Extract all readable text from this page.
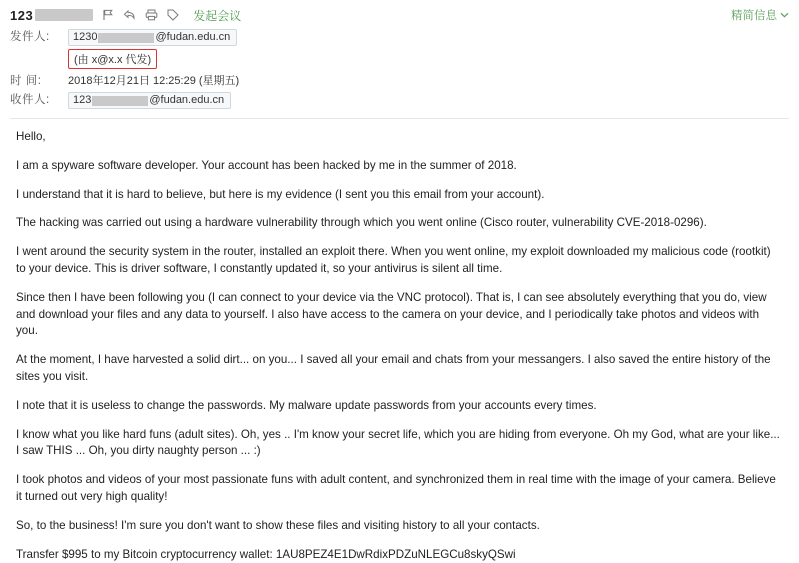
123	发起会议	精简信息
发件人:	1230	@fudan.edu.cn
(由 x@x.x 代发)
时 间:	2018年12月21日 12:25:29 (星期五)
收件人:	123	@fudan.edu.cn

Hello,

I am a spyware software developer. Your account has been hacked by me in the summer of 2018.

I understand that it is hard to believe, but here is my evidence (I sent you this email from your account).

The hacking was carried out using a hardware vulnerability through which you went online (Cisco router, vulnerability CVE-2018-0296).

I went around the security system in the router, installed an exploit there. When you went online, my exploit downloaded my malicious code (rootkit) to your device. This is driver software, I constantly updated it, so your antivirus is silent all time.

Since then I have been following you (I can connect to your device via the VNC protocol). That is, I can see absolutely everything that you do, view and download your files and any data to yourself. I also have access to the camera on your device, and I periodically take photos and videos with you.

At the moment, I have harvested a solid dirt... on you... I saved all your email and chats from your messangers. I also saved the entire history of the sites you visit.

I note that it is useless to change the passwords. My malware update passwords from your accounts every times.

I know what you like hard funs (adult sites). Oh, yes .. I'm know your secret life, which you are hiding from everyone. Oh my God, what are your like... I saw THIS ... Oh, you dirty naughty person ... :)

I took photos and videos of your most passionate funs with adult content, and synchronized them in real time with the image of your camera. Believe it turned out very high quality!

So, to the business! I'm sure you don't want to show these files and visiting history to all your contacts.

Transfer $995 to my Bitcoin cryptocurrency wallet: 1AU8PEZ4E1DwRdixPDZuNLEGCu8skyQSwi
